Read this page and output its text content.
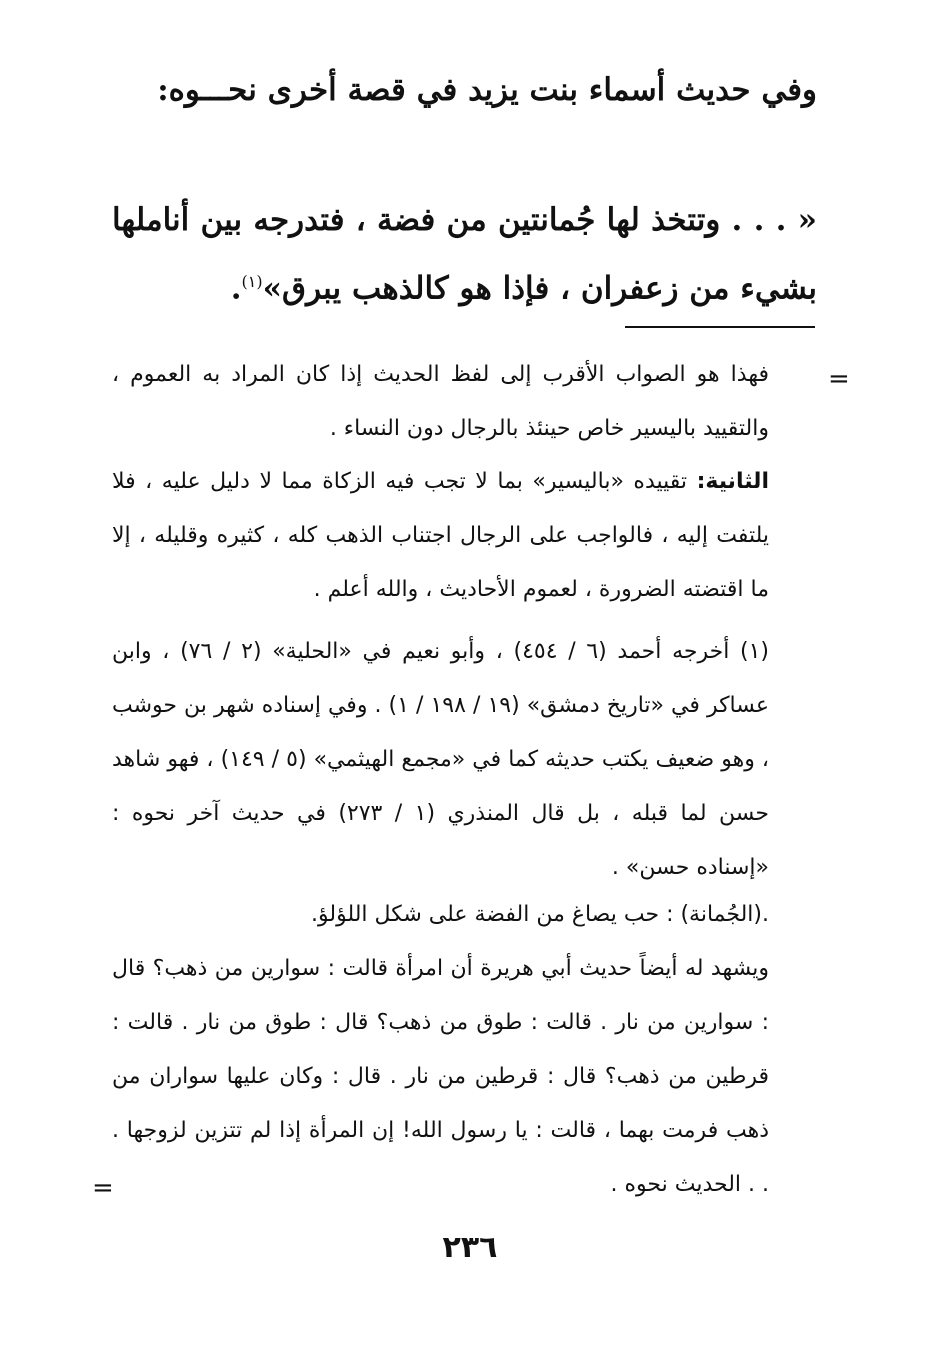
وفي حديث أسماء بنت يزيد في قصة أخرى نحـــوه:

« . . . وتتخذ لها جُمانتين من فضة ، فتدرجه بين أناملها بشيء من زعفران ، فإذا هو كالذهب يبرق»$^{(١)}$.

=

فهذا هو الصواب الأقرب إلى لفظ الحديث إذا كان المراد به العموم ، والتقييد باليسير خاص حينئذ بالرجال دون النساء .

الثانية: تقييده «باليسير» بما لا تجب فيه الزكاة مما لا دليل عليه ، فلا يلتفت إليه ، فالواجب على الرجال اجتناب الذهب كله ، كثيره وقليله ، إلا ما اقتضته الضرورة ، لعموم الأحاديث ، والله أعلم .

(١) أخرجه أحمد (٦ / ٤٥٤) ، وأبو نعيم في «الحلية» (٢ / ٧٦) ، وابن عساكر في «تاريخ دمشق» (١٩ / ١٩٨ / ١) . وفي إسناده شهر بن حوشب ، وهو ضعيف يكتب حديثه كما في «مجمع الهيثمي» (٥ / ١٤٩) ، فهو شاهد حسن لما قبله ، بل قال المنذري (١ / ٢٧٣) في حديث آخر نحوه : «إسناده حسن» .

.(الجُمانة) : حب يصاغ من الفضة على شكل اللؤلؤ.

ويشهد له أيضاً حديث أبي هريرة أن امرأة قالت : سوارين من ذهب؟ قال : سوارين من نار . قالت : طوق من ذهب؟ قال : طوق من نار . قالت : قرطين من ذهب؟ قال : قرطين من نار . قال : وكان عليها سواران من ذهب فرمت بهما ، قالت : يا رسول الله! إن المرأة إذا لم تتزين لزوجها . . . الحديث نحوه .

=
٢٣٦
